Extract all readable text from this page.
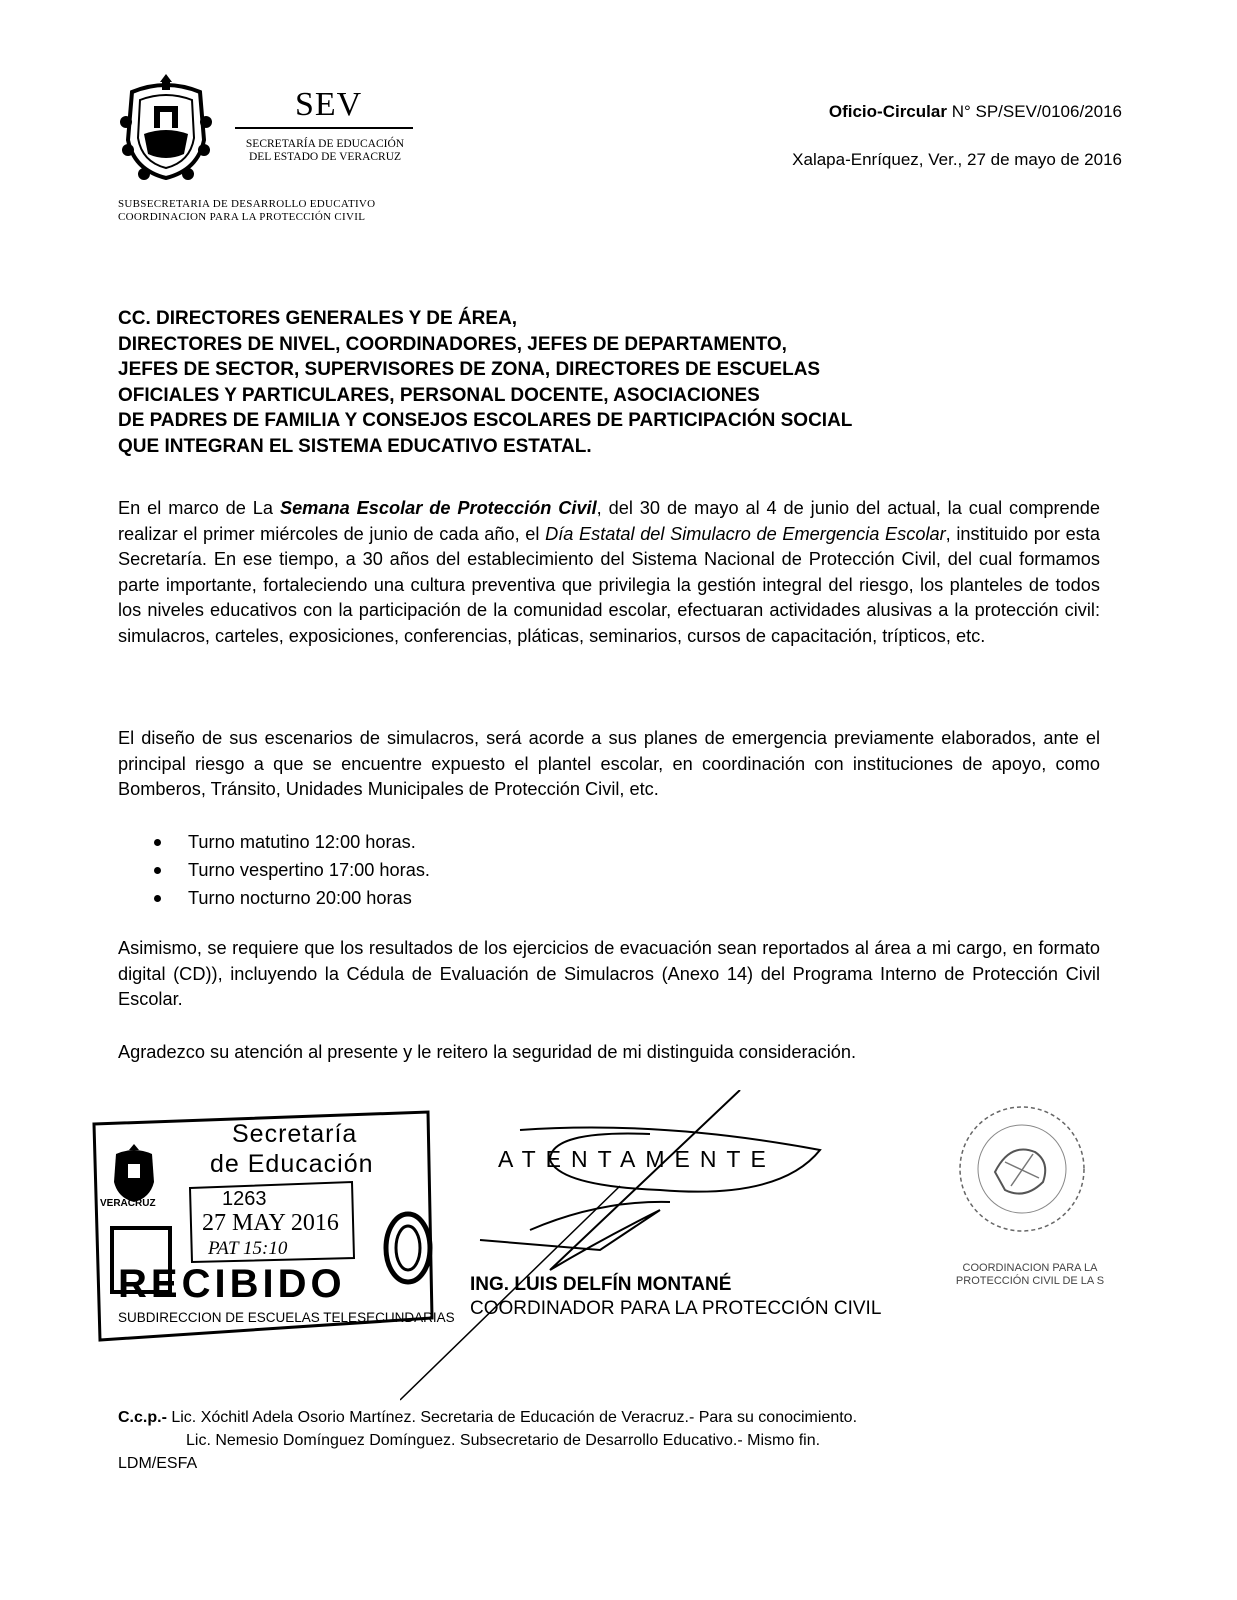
SEV
SECRETARÍA DE EDUCACIÓN
DEL ESTADO DE VERACRUZ
SUBSECRETARIA DE DESARROLLO EDUCATIVO
COORDINACION PARA LA PROTECCIÓN CIVIL
Oficio-Circular N° SP/SEV/0106/2016
Xalapa-Enríquez, Ver., 27 de mayo de 2016
CC. DIRECTORES GENERALES Y DE ÁREA,
DIRECTORES DE NIVEL, COORDINADORES, JEFES DE DEPARTAMENTO,
JEFES DE SECTOR, SUPERVISORES DE ZONA, DIRECTORES DE ESCUELAS
OFICIALES Y PARTICULARES, PERSONAL DOCENTE, ASOCIACIONES
DE PADRES DE FAMILIA Y CONSEJOS ESCOLARES DE PARTICIPACIÓN SOCIAL
QUE INTEGRAN EL SISTEMA EDUCATIVO ESTATAL.
En el marco de La Semana Escolar de Protección Civil, del 30 de mayo al 4 de junio del actual, la cual comprende realizar el primer miércoles de junio de cada año, el Día Estatal del Simulacro de Emergencia Escolar, instituido por esta Secretaría. En ese tiempo, a 30 años del establecimiento del Sistema Nacional de Protección Civil, del cual formamos parte importante, fortaleciendo una cultura preventiva que privilegia la gestión integral del riesgo, los planteles de todos los niveles educativos con la participación de la comunidad escolar, efectuaran actividades alusivas a la protección civil: simulacros, carteles, exposiciones, conferencias, pláticas, seminarios, cursos de capacitación, trípticos, etc.
El diseño de sus escenarios de simulacros, será acorde a sus planes de emergencia previamente elaborados, ante el principal riesgo a que se encuentre expuesto el plantel escolar, en coordinación con instituciones de apoyo, como Bomberos, Tránsito, Unidades Municipales de Protección Civil, etc.
Turno matutino 12:00 horas.
Turno vespertino 17:00 horas.
Turno nocturno 20:00 horas
Asimismo, se requiere que los resultados de los ejercicios de evacuación sean reportados al área a mi cargo, en formato digital (CD)), incluyendo la Cédula de Evaluación de Simulacros (Anexo 14) del Programa Interno de Protección Civil Escolar.
Agradezco su atención al presente y le reitero la seguridad de mi distinguida consideración.
Secretaría
de Educación
VERACRUZ	1263
27 MAY 2016
PAT 15:10
RECIBIDO
SUBDIRECCION DE ESCUELAS TELESECUNDARIAS
ATENTAMENTE
ING. LUIS DELFÍN MONTANÉ
COORDINADOR PARA LA PROTECCIÓN CIVIL
COORDINACION PARA LA
PROTECCIÓN CIVIL DE LA S
C.c.p.- Lic. Xóchitl Adela Osorio Martínez. Secretaria de Educación de Veracruz.- Para su conocimiento.
Lic. Nemesio Domínguez Domínguez. Subsecretario de Desarrollo Educativo.- Mismo fin.
LDM/ESFA
